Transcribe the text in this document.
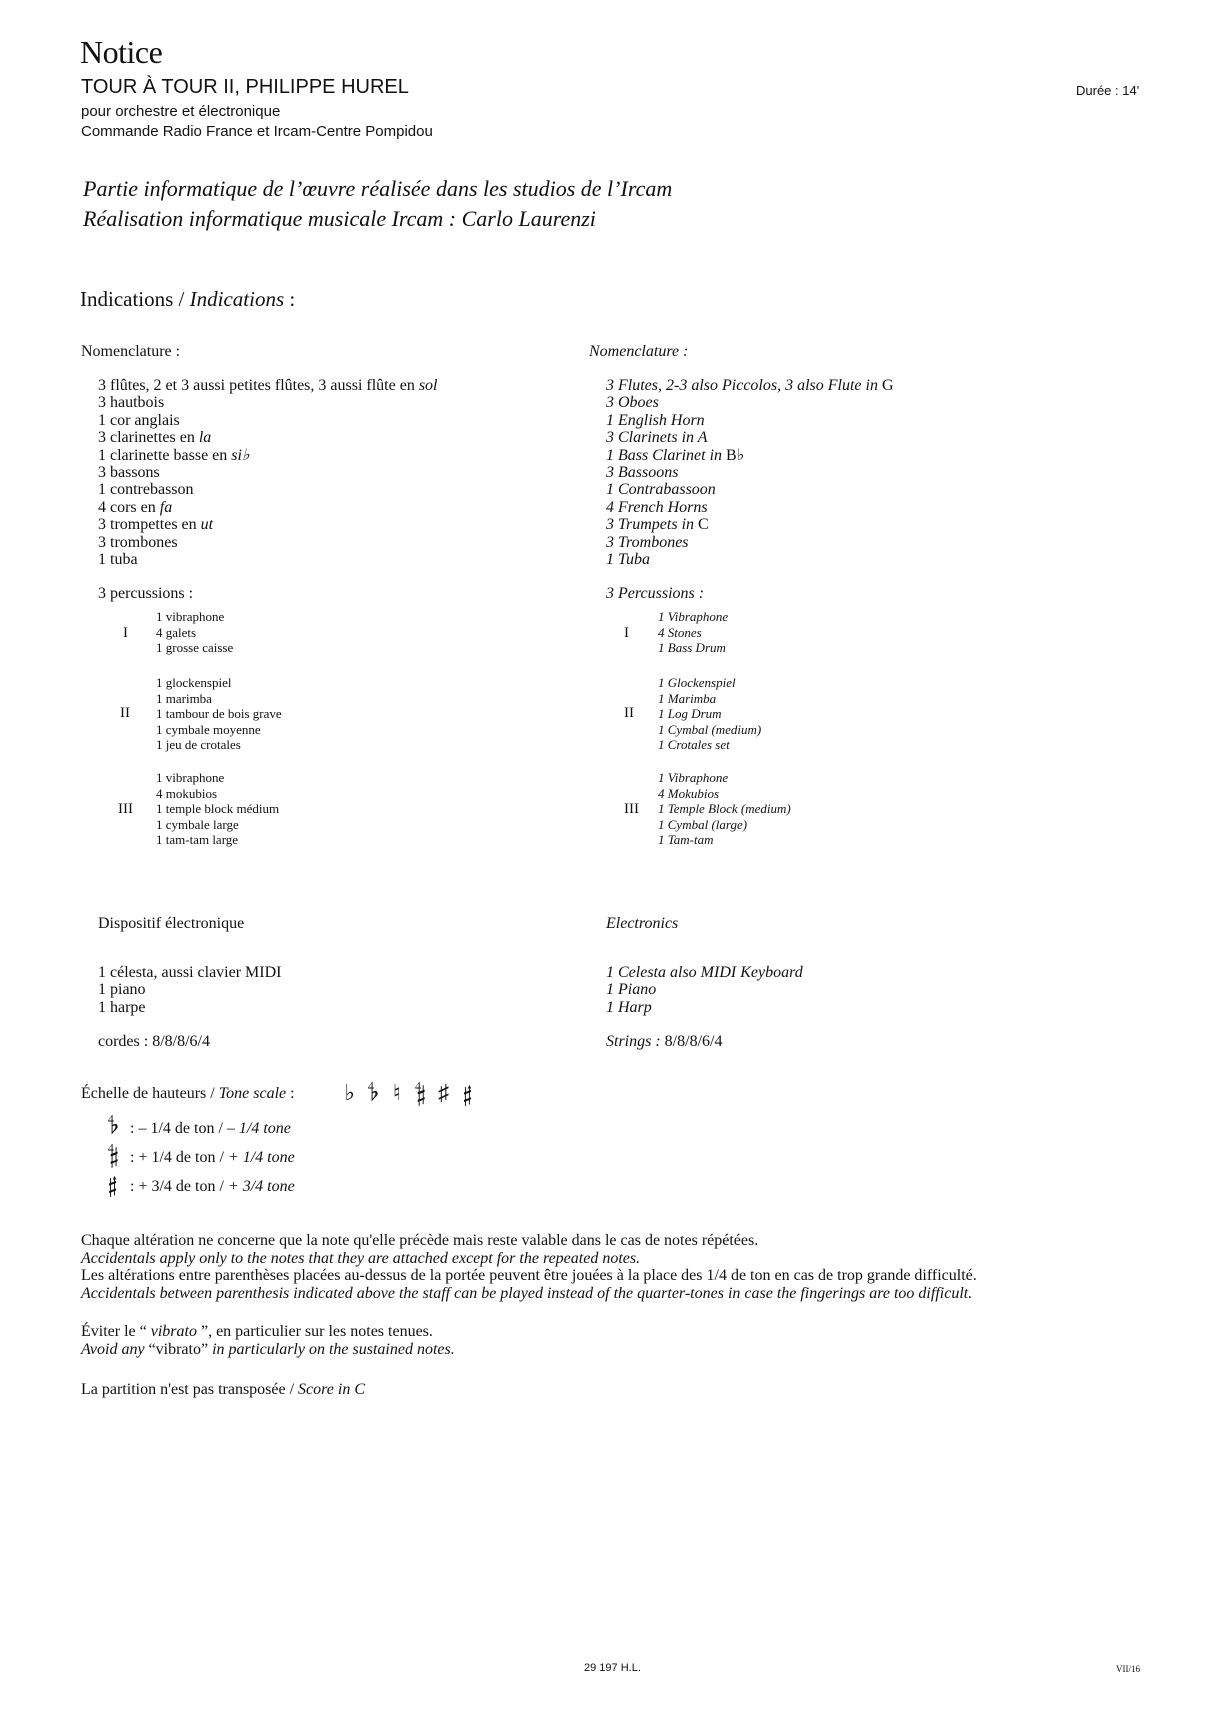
Notice
TOUR À TOUR II, PHILIPPE HUREL	Durée : 14'
pour orchestre et électronique
Commande Radio France et Ircam-Centre Pompidou
Partie informatique de l’œuvre réalisée dans les studios de l’Ircam
Réalisation informatique musicale Ircam : Carlo Laurenzi
Indications / Indications :
Nomenclature :
3 flûtes, 2 et 3 aussi petites flûtes, 3 aussi flûte en sol
3 hautbois
1 cor anglais
3 clarinettes en la
1 clarinette basse en si♭
3 bassons
1 contrebasson
4 cors en fa
3 trompettes en ut
3 trombones
1 tuba
3 percussions :
I
1 vibraphone
4 galets
1 grosse caisse
II
1 glockenspiel
1 marimba
1 tambour de bois grave
1 cymbale moyenne
1 jeu de crotales
III
1 vibraphone
4 mokubios
1 temple block médium
1 cymbale large
1 tam-tam large
Dispositif électronique
1 célesta, aussi clavier MIDI
1 piano
1 harpe
cordes : 8/8/8/6/4
Nomenclature :
3 Flutes, 2-3 also Piccolos, 3 also Flute in G
3 Oboes
1 English Horn
3 Clarinets in A
1 Bass Clarinet in B♭
3 Bassoons
1 Contrabassoon
4 French Horns
3 Trumpets in C
3 Trombones
1 Tuba
3 Percussions :
I
1 Vibraphone
4 Stones
1 Bass Drum
II
1 Glockenspiel
1 Marimba
1 Log Drum
1 Cymbal (medium)
1 Crotales set
III
1 Vibraphone
4 Mokubios
1 Temple Block (medium)
1 Cymbal (large)
1 Tam-tam
Electronics
1 Celesta also MIDI Keyboard
1 Piano
1 Harp
Strings : 8/8/8/6/4
Échelle de hauteurs / Tone scale : ♭ 𝄳 ♮ 𝄲 ♯ 𝄰
𝄳 : – 1/4 de ton / – 1/4 tone
𝄲 : + 1/4 de ton / + 1/4 tone
𝄰 : + 3/4 de ton / + 3/4 tone
Chaque altération ne concerne que la note qu'elle précède mais reste valable dans le cas de notes répétées.
Accidentals apply only to the notes that they are attached except for the repeated notes.
Les altérations entre parenthèses placées au-dessus de la portée peuvent être jouées à la place des 1/4 de ton en cas de trop grande difficulté.
Accidentals between parenthesis indicated above the staff can be played instead of the quarter-tones in case the fingerings are too difficult.
Éviter le “ vibrato ”, en particulier sur les notes tenues.
Avoid any “vibrato” in particularly on the sustained notes.
La partition n'est pas transposée / Score in C
29 197 H.L.	VII/16
